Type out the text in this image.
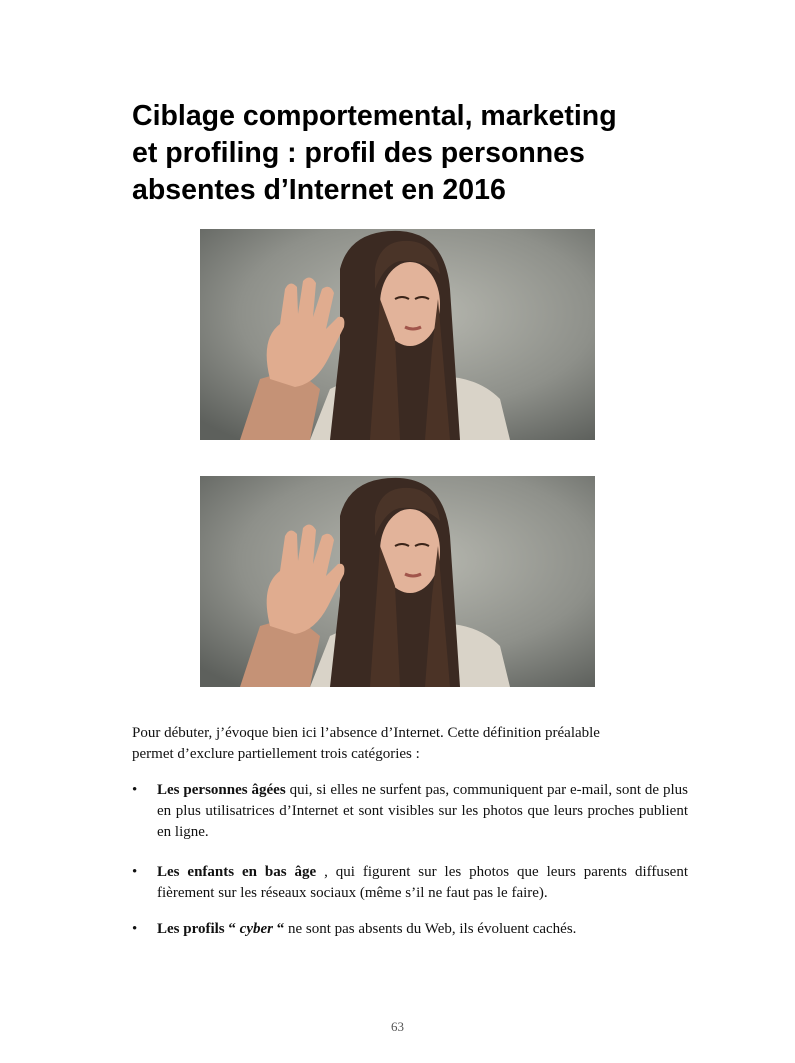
Ciblage comportemental, marketing
et profiling : profil des personnes
absentes d’Internet en 2016

Pour débuter, j’évoque bien ici l’absence d’Internet. Cette définition préalable
permet d’exclure partiellement trois catégories :

• Les personnes âgées qui, si elles ne surfent pas, communiquent par e-mail, sont de plus en plus utilisatrices d’Internet et sont visibles sur les photos que leurs proches publient en ligne.
• Les enfants en bas âge , qui figurent sur les photos que leurs parents diffusent fièrement sur les réseaux sociaux (même s’il ne faut pas le faire).
• Les profils “ cyber “ ne sont pas absents du Web, ils évoluent cachés.
63
